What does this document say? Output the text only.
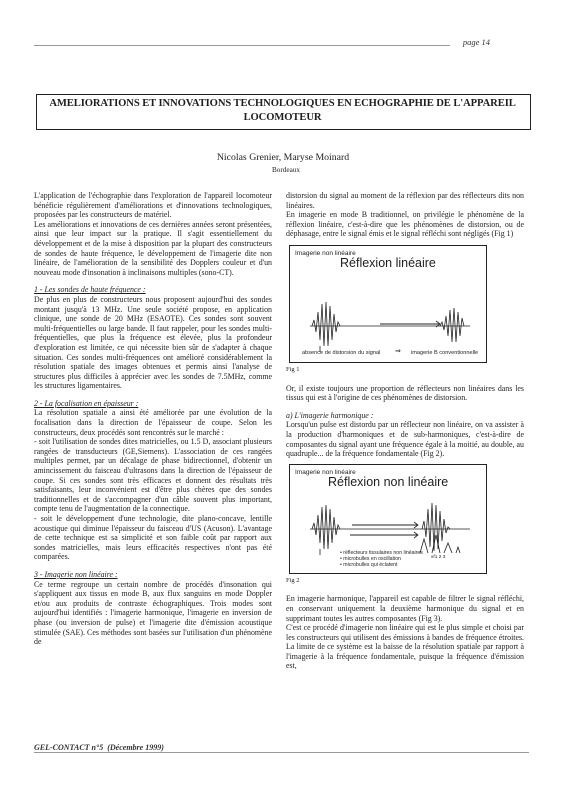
page 14
AMELIORATIONS ET INNOVATIONS TECHNOLOGIQUES EN ECHOGRAPHIE DE L'APPAREIL
LOCOMOTEUR
Nicolas Grenier, Maryse Moinard
Bordeaux

L'application de l'échographie dans l'exploration de l'appareil locomoteur bénéficie régulièrement d'améliorations et d'innovations technologiques, proposées par les constructeurs de matériel.

Les améliorations et innovations de ces dernières années seront présentées, ainsi que leur impact sur la pratique. Il s'agit essentiellement du développement et de la mise à disposition par la plupart des constructeurs de sondes de haute fréquence, le développement de l'imagerie dite non linéaire, de l'amélioration de la sensibilité des Dopplers couleur et d'un nouveau mode d'insonation à inclinaisons multiples (sono-CT).

1 - Les sondes de haute fréquence :

De plus en plus de constructeurs nous proposent aujourd'hui des sondes montant jusqu'à 13 MHz. Une seule société propose, en application clinique, une sonde de 20 MHz (ESAOTE). Ces sondes sont souvent multi-fréquentielles ou large bande. Il faut rappeler, pour les sondes multi-fréquentielles, que plus la fréquence est élevée, plus la profondeur d'exploration est limitée, ce qui nécessite bien sûr de s'adapter à chaque situation. Ces sondes multi-fréquences ont amélioré considérablement la résolution spatiale des images obtenues et permis ainsi l'analyse de structures plus difficiles à apprécier avec les sondes de 7.5MHz, comme les structures ligamentaires.

2 - La focalisation en épaisseur :

La résolution spatiale a ainsi été améliorée par une évolution de la focalisation dans la direction de l'épaisseur de coupe. Selon les constructeurs, deux procédés sont rencontrés sur le marché :

- soit l'utilisation de sondes dites matricielles, ou 1.5 D, associant plusieurs rangées de transducteurs (GE,Siemens). L'association de ces rangées multiples permet, par un décalage de phase bidirectionnel, d'obtenir un amincissement du faisceau d'ultrasons dans la direction de l'épaisseur de coupe. Si ces sondes sont très efficaces et donnent des résultats très satisfaisants, leur inconvénient est d'être plus chères que des sondes traditionnelles et de s'accompagner d'un câble souvent plus important, compte tenu de l'augmentation de la connectique.

- soit le développement d'une technologie, dite plano-concave, lentille acoustique qui diminue l'épaisseur du faisceau d'US (Acuson). L'avantage de cette technique est sa simplicité et son faible coût par rapport aux sondes matricielles, mais leurs efficacités respectives n'ont pas été comparées.

3 - Imagerie non linéaire :

Ce terme regroupe un certain nombre de procédés d'insonation qui s'appliquent aux tissus en mode B, aux flux sanguins en mode Doppler et/ou aux produits de contraste échographiques. Trois modes sont aujourd'hui identifiés : l'imagerie harmonique, l'imagerie en inversion de phase (ou inversion de pulse) et l'imagerie dite d'émission acoustique stimulée (SAE). Ces méthodes sont basées sur l'utilisation d'un phénomène de

distorsion du signal au moment de la réflexion par des réflecteurs dits non linéaires.

En imagerie en mode B traditionnel, on privilégie le phénomène de la réflexion linéaire, c'est-à-dire que les phénomènes de distorsion, ou de déphasage, entre le signal émis et le signal réfléchi sont négligés (Fig 1)

Imagerie non linéaire
Réflexion linéaire
absence de distorsion du signal ⇒ imagerie B conventionnelle
Fig 1

Or, il existe toujours une proportion de réflecteurs non linéaires dans les tissus qui est à l'origine de ces phénomènes de distorsion.

a) L'imagerie harmonique :

Lorsqu'un pulse est distordu par un réflecteur non linéaire, on va assister à la production d'harmoniques et de sub-harmoniques, c'est-à-dire de composantes du signal ayant une fréquence égale à la moitié, au double, au quadruple... de la fréquence fondamentale (Fig 2).

Imagerie non linéaire
Réflexion non linéaire
xf1 2 3
• réflecteurs tissulaires non linéaires
• microbulles en oscillation
• microbulles qui éclatent
Fig 2

En imagerie harmonique, l'appareil est capable de filtrer le signal réfléchi, en conservant uniquement la deuxième harmonique du signal et en supprimant toutes les autres composantes (Fig 3).

C'est ce procédé d'imagerie non linéaire qui est le plus simple et choisi par les constructeurs qui utilisent des émissions à bandes de fréquence étroites. La limite de ce système est la baisse de la résolution spatiale par rapport à l'imagerie à la fréquence fondamentale, puisque la fréquence d'émission est,

GEL-CONTACT n°5 (Décembre 1999)
